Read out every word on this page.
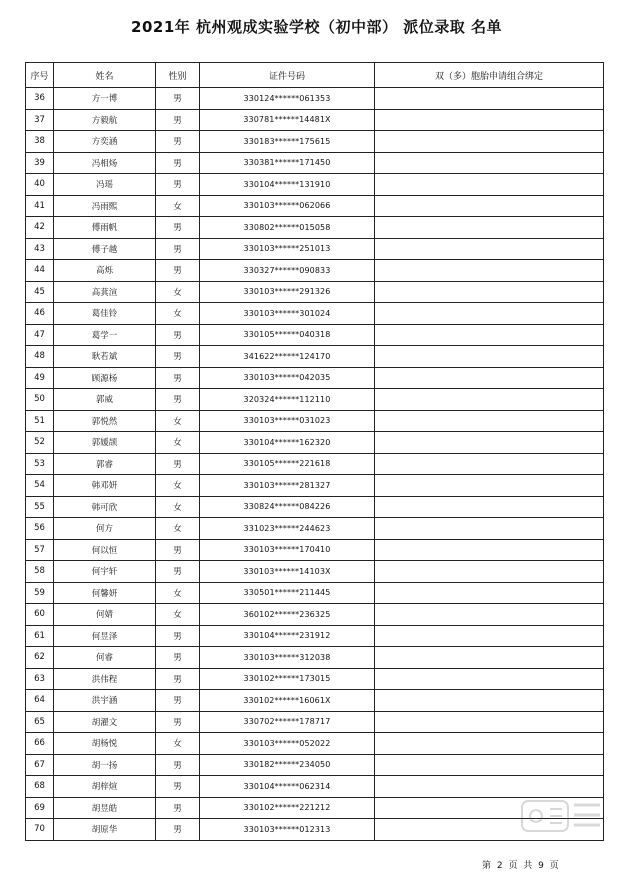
2021年 杭州观成实验学校（初中部） 派位录取 名单
序号	姓名	性别	证件号码	双（多）胞胎申请组合绑定
36	方一博	男	330124******061353	
37	方毅航	男	330781******14481X	
38	方奕涵	男	330183******175615	
39	冯相炀	男	330381******171450	
40	冯瑶	男	330104******131910	
41	冯雨熙	女	330103******062066	
42	傅雨帆	男	330802******015058	
43	傅子越	男	330103******251013	
44	高烁	男	330327******090833	
45	高萁渲	女	330103******291326	
46	葛佳铃	女	330103******301024	
47	葛学一	男	330105******040318	
48	耿若斌	男	341622******124170	
49	顾源杨	男	330103******042035	
50	郭威	男	320324******112110	
51	郭悦然	女	330103******031023	
52	郭媛颉	女	330104******162320	
53	郭睿	男	330105******221618	
54	韩邓妍	女	330103******281327	
55	韩可欣	女	330824******084226	
56	何方	女	331023******244623	
57	何以恒	男	330103******170410	
58	何宇轩	男	330103******14103X	
59	何馨妍	女	330501******211445	
60	何婧	女	360102******236325	
61	何昱泽	男	330104******231912	
62	何睿	男	330103******312038	
63	洪伟程	男	330102******173015	
64	洪宇涵	男	330102******16061X	
65	胡濯文	男	330702******178717	
66	胡杨悦	女	330103******052022	
67	胡一扬	男	330182******234050	
68	胡梓煊	男	330104******062314	
69	胡昱皓	男	330102******221212	
70	胡原华	男	330103******012313	
第 2 页 共 9 页
